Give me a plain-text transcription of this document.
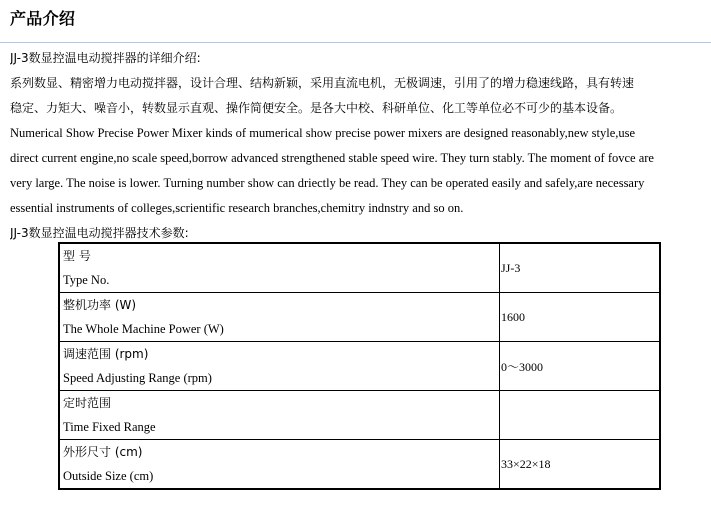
产品介绍
JJ-3数显控温电动搅拌器的详细介绍:
系列数显、精密增力电动搅拌器，设计合理、结构新颖，采用直流电机，无极调速，引用了的增力稳速线路，具有转速
稳定、力矩大、噪音小，转数显示直观、操作简便安全。是各大中校、科研单位、化工等单位必不可少的基本设备。
Numerical Show Precise Power Mixer kinds of mumerical show precise power mixers are designed reasonably,new style,use
direct current engine,no scale speed,borrow advanced strengthened stable speed wire. They turn stably. The moment of fovce are
very large. The noise is lower. Turning number show can driectly be read. They can be operated easily and safely,are necessary
essential instruments of colleges,scrientific research branches,chemitry indnstry and so on.
JJ-3数显控温电动搅拌器技术参数:
型 号
Type No.	JJ-3

整机功率 (W)
The Whole Machine Power (W)	1600

调速范围 (rpm)
Speed Adjusting Range (rpm)	0～3000

定时范围
Time Fixed Range	

外形尺寸 (cm)
Outside Size (cm)	33×22×18
